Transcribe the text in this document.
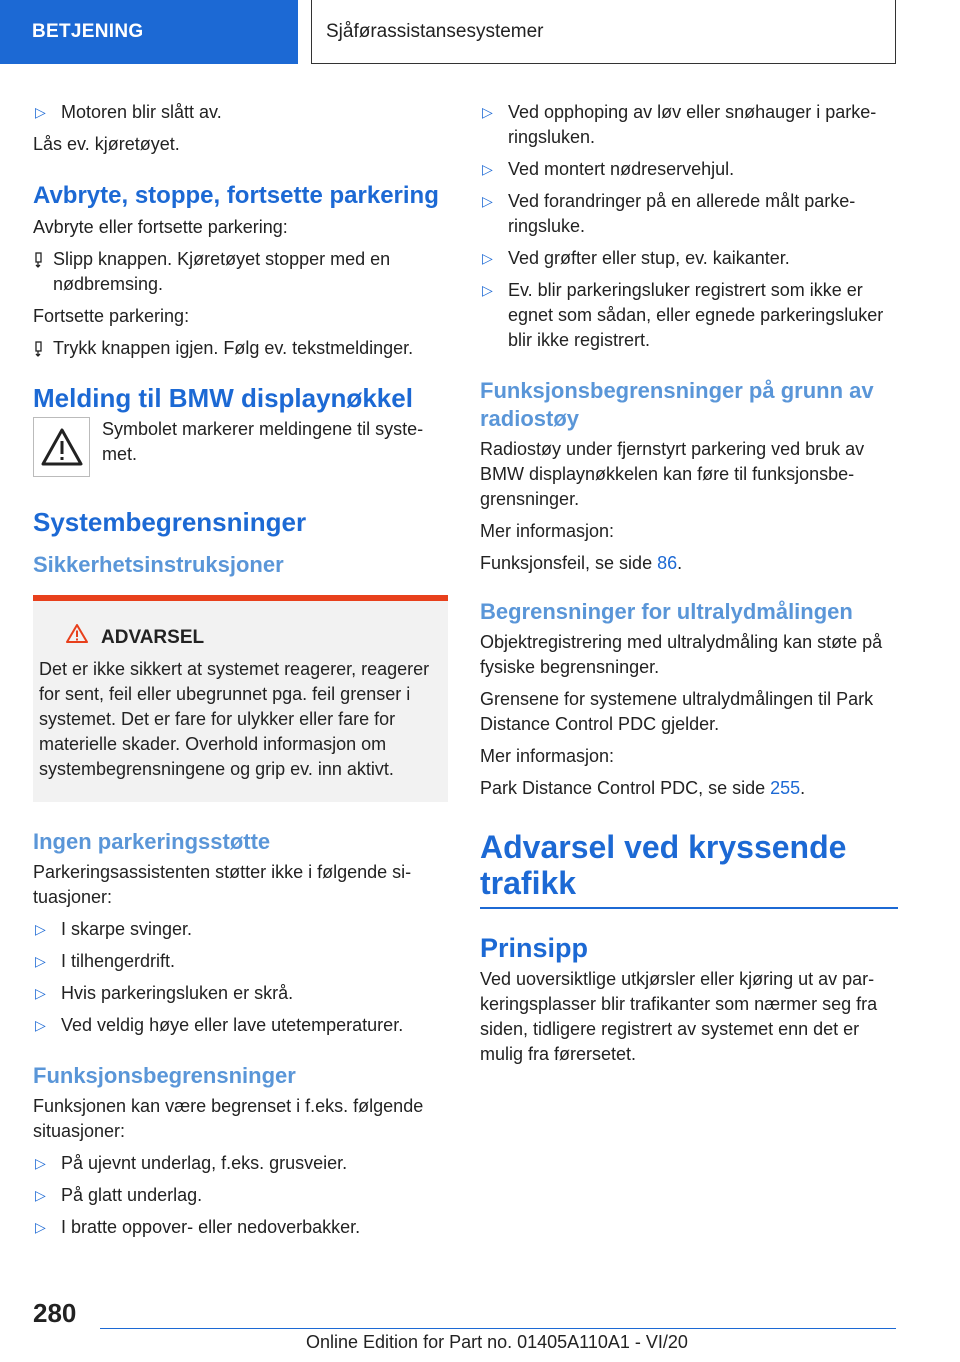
BETJENING	Sjåførassistansesystemer
▷ Motoren blir slått av.

Lås ev. kjøretøyet.

Avbryte, stoppe, fortsette parkering

Avbryte eller fortsette parkering:

Slipp knappen. Kjøretøyet stopper med en nødbremsing.

Fortsette parkering:

Trykk knappen igjen. Følg ev. tekstmeldinger.
Melding til BMW displaynøkkel

Symbolet markerer meldingene til systemet.

Systembegrensninger
Sikkerhetsinstruksjoner
ADVARSEL

Det er ikke sikkert at systemet reagerer, reagerer for sent, feil eller ubegrunnet pga. feil grenser i systemet. Det er fare for ulykker eller fare for materielle skader. Overhold informasjon om systembegrensningene og grip ev. inn aktivt.

Ingen parkeringsstøtte

Parkeringsassistenten støtter ikke i følgende situasjoner:

▷ I skarpe svinger.
▷ I tilhengerdrift.
▷ Hvis parkeringsluken er skrå.
▷ Ved veldig høye eller lave utetemperaturer.
Funksjonsbegrensninger

Funksjonen kan være begrenset i f.eks. følgende situasjoner:

▷ På ujevnt underlag, f.eks. grusveier.
▷ På glatt underlag.
▷ I bratte oppover- eller nedoverbakker.
▷ Ved opphoping av løv eller snøhauger i parkeringsluken.
▷ Ved montert nødreservehjul.
▷ Ved forandringer på en allerede målt parkeringsluke.
▷ Ved grøfter eller stup, ev. kaikanter.
▷ Ev. blir parkeringsluker registrert som ikke er egnet som sådan, eller egnede parkeringsluker blir ikke registrert.
Funksjonsbegrensninger på grunn av radiostøy

Radiostøy under fjernstyrt parkering ved bruk av BMW displaynøkkelen kan føre til funksjonsbegrensninger.

Mer informasjon:

Funksjonsfeil, se side 86.

Begrensninger for ultralydmålingen

Objektregistrering med ultralydmåling kan støte på fysiske begrensninger.

Grensene for systemene ultralydmålingen til Park Distance Control PDC gjelder.

Mer informasjon:

Park Distance Control PDC, se side 255.

Advarsel ved kryssende trafikk
Prinsipp

Ved uoversiktlige utkjørsler eller kjøring ut av parkeringsplasser blir trafikanter som nærmer seg fra siden, tidligere registrert av systemet enn det er mulig fra førersetet.

280
Online Edition for Part no. 01405A110A1 - VI/20
